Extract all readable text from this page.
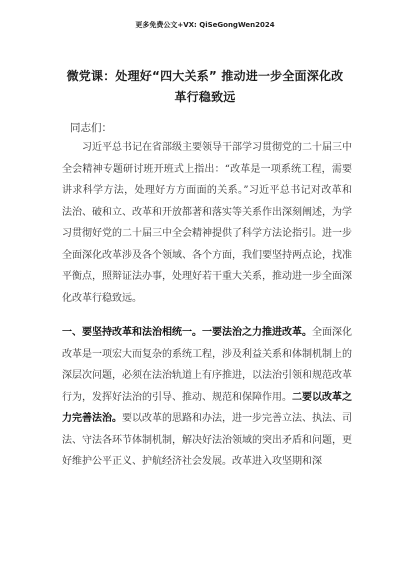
更多免费公文+VX: QiSeGongWen2024
微党课：处理好“四大关系” 推动进一步全面深化改革行稳致远
同志们：
习近平总书记在省部级主要领导干部学习贯彻党的二十届三中全会精神专题研讨班开班式上指出：“改革是一项系统工程，需要讲求科学方法，处理好方方面面的关系。”习近平总书记对改革和法治、破和立、改革和开放都著和落实等关系作出深刻阐述，为学习贯彻好党的二十届三中全会精神提供了科学方法论指引。进一步全面深化改革涉及各个领域、各个方面，我们要坚持两点论，找准平衡点，照辩证法办事，处理好若干重大关系，推动进一步全面深化改革行稳致远。
一、要坚持改革和法治相统一。一要法治之力推进改革。全面深化改革是一项宏大而复杂的系统工程，涉及利益关系和体制机制上的深层次问题，必须在法治轨道上有序推进，以法治引领和规范改革行为，发挥好法治的引导、推动、规范和保障作用。二要以改革之力完善法治。要以改革的思路和办法，进一步完善立法、执法、司法、守法各环节体制机制，解决好法治领域的突出矛盾和问题，更好维护公平正义、护航经济社会发展。改革进入攻坚期和深
